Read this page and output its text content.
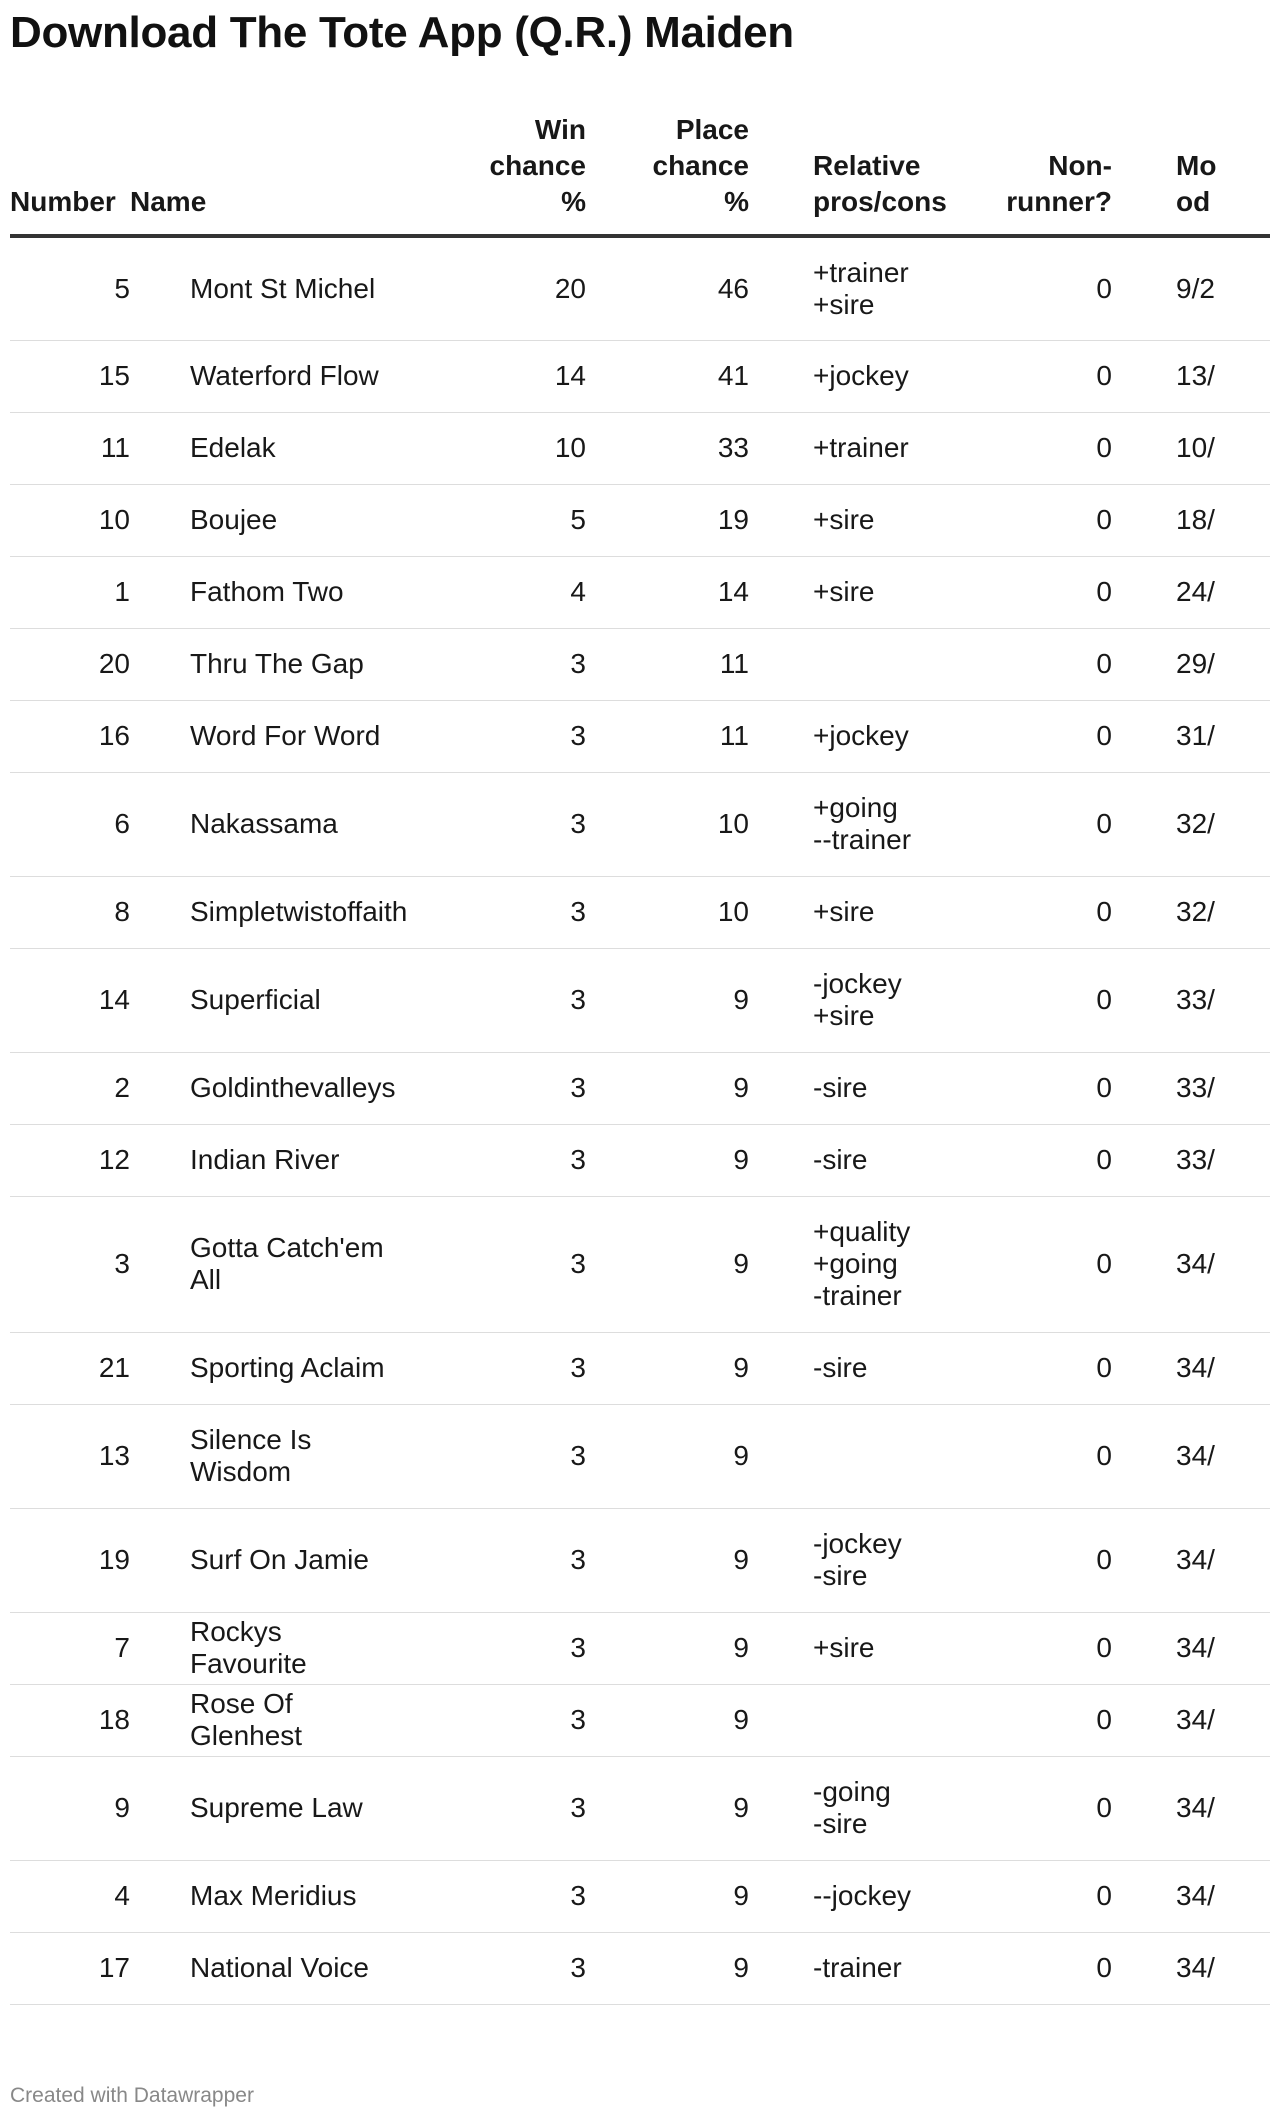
Download The Tote App (Q.R.) Maiden
Number	Name	Win
chance
%	Place
chance
%	Relative
pros/cons	Non-
runner?	Mo
od
5	Mont St Michel	20	46	+trainer
+sire	0	9/2
15	Waterford Flow	14	41	+jockey	0	13/
11	Edelak	10	33	+trainer	0	10/
10	Boujee	5	19	+sire	0	18/
1	Fathom Two	4	14	+sire	0	24/
20	Thru The Gap	3	11		0	29/
16	Word For Word	3	11	+jockey	0	31/
6	Nakassama	3	10	+going
--trainer	0	32/
8	Simpletwistoffaith	3	10	+sire	0	32/
14	Superficial	3	9	-jockey
+sire	0	33/
2	Goldinthevalleys	3	9	-sire	0	33/
12	Indian River	3	9	-sire	0	33/
3	Gotta Catch'em
All	3	9	+quality
+going
-trainer	0	34/
21	Sporting Aclaim	3	9	-sire	0	34/
13	Silence Is
Wisdom	3	9		0	34/
19	Surf On Jamie	3	9	-jockey
-sire	0	34/
7	Rockys Favourite	3	9	+sire	0	34/
18	Rose Of Glenhest	3	9		0	34/
9	Supreme Law	3	9	-going
-sire	0	34/
4	Max Meridius	3	9	--jockey	0	34/
17	National Voice	3	9	-trainer	0	34/
Created with Datawrapper
